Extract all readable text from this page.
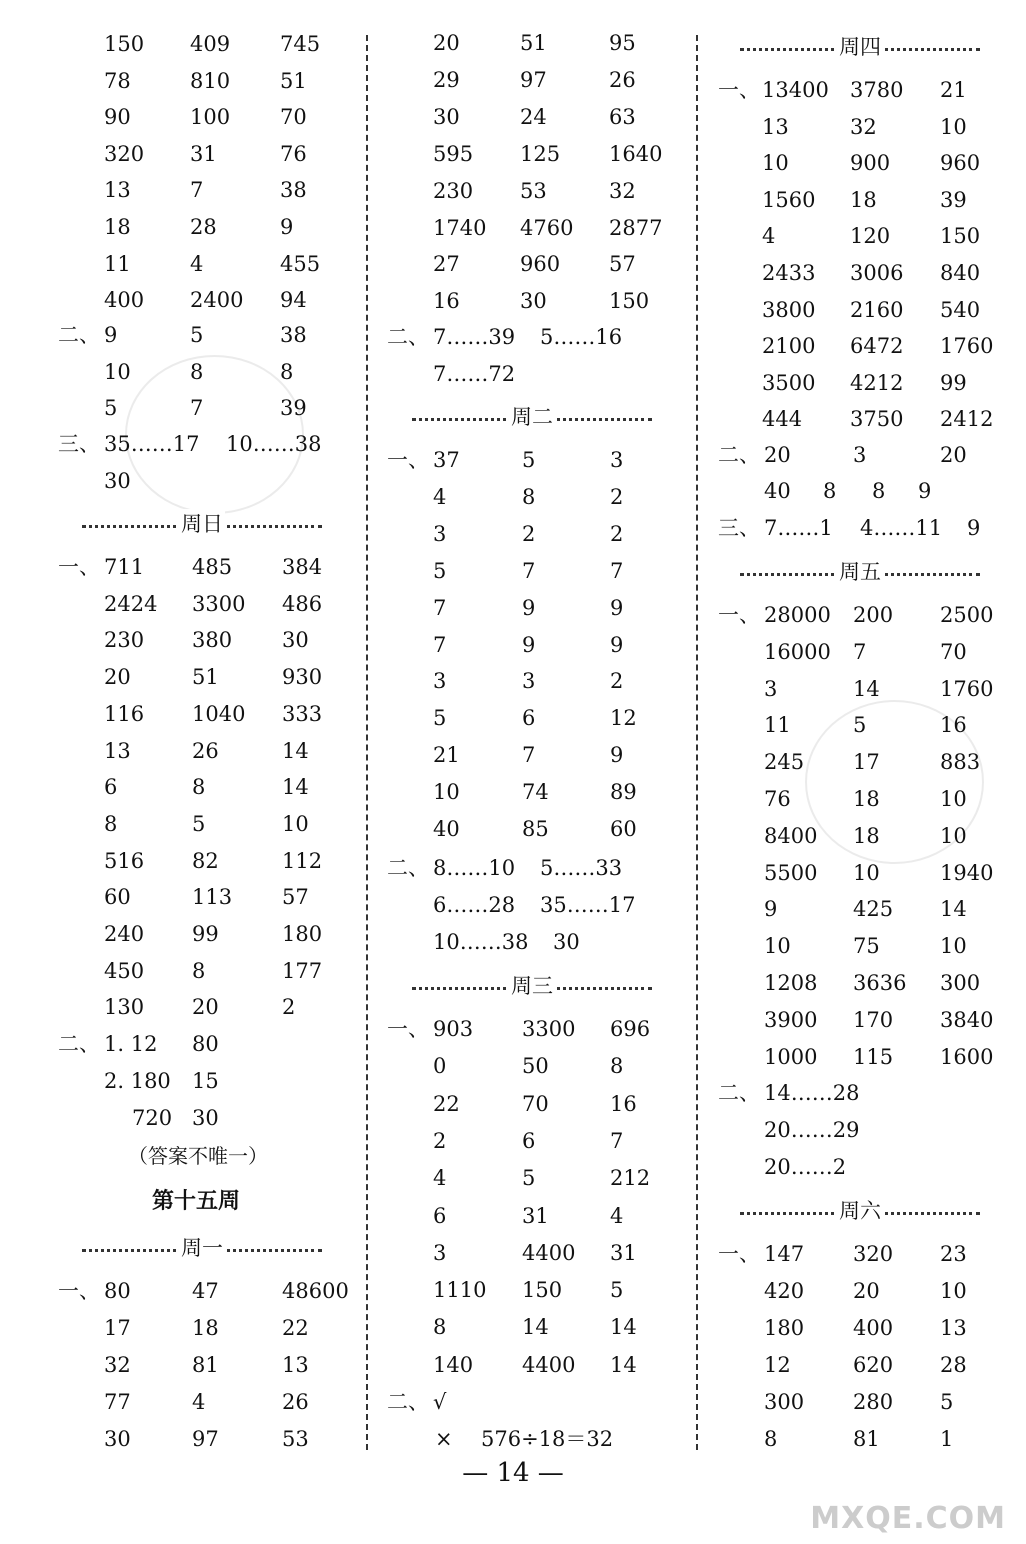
150 409 745
78	810 51
90	100 70
320 31	76
13	7	38
18	28	9
11	4	455
400 2400 94
二、 9	5	38
10	8	8
5	7	39
三、 35……17 10……38
30
周日
一、 711 485 384
2424 3300 486
230 380 30
20	51	930
116 1040 333
13	26	14
6	8	14
8	5	10
516 82	112
60	113 57
240 99	180
450 8	177
130 20	2
二、 1. 12 80
2. 180 15
720 30
（答案不唯一）
第十五周
周一
一、 80	47	48600
17	18	22
32	81	13
77	4	26
30	97	53
20	51	95
29	97	26
30	24	63
595 125 1640
230 53	32
1740 4760 2877
27	960 57
16	30	150
二、 7……39 5……16
7……72
周二
一、 37	5	3
4	8	2
3	2	2
5	7	7
7	9	9
7	9	9
3	3	2
5	6	12
21	7	9
10	74	89
40	85	60
二、 8……10 5……33
6……28 35……17
10……38 30
周三
一、 903 3300 696
0	50	8
22	70	16
2	6	7
4	5	212
6	31	4
3	4400 31
1110 150 5
8	14	14
140 4400 14
二、 √
× 576÷18＝32
周四
一、 13400 3780 21
13	32	10
10	900 960
1560 18	39
4	120 150
2433 3006 840
3800 2160 540
2100 6472 1760
3500 4212 99
444 3750 2412
二、 20	3	20
40 8 8 9
三、 7……1 4……11 9
周五
一、 28000 200 2500
16000 7	70
3	14	1760
11	5	16
245 17	883
76	18	10
8400 18	10
5500 10	1940
9	425 14
10	75	10
1208 3636 300
3900 170 3840
1000 115 1600
二、 14……28
20……29
20……2
周六
一、 147 320 23
420 20	10
180 400 13
12	620 28
300 280 5
8	81	1
— 14 —
MXQE.COM
